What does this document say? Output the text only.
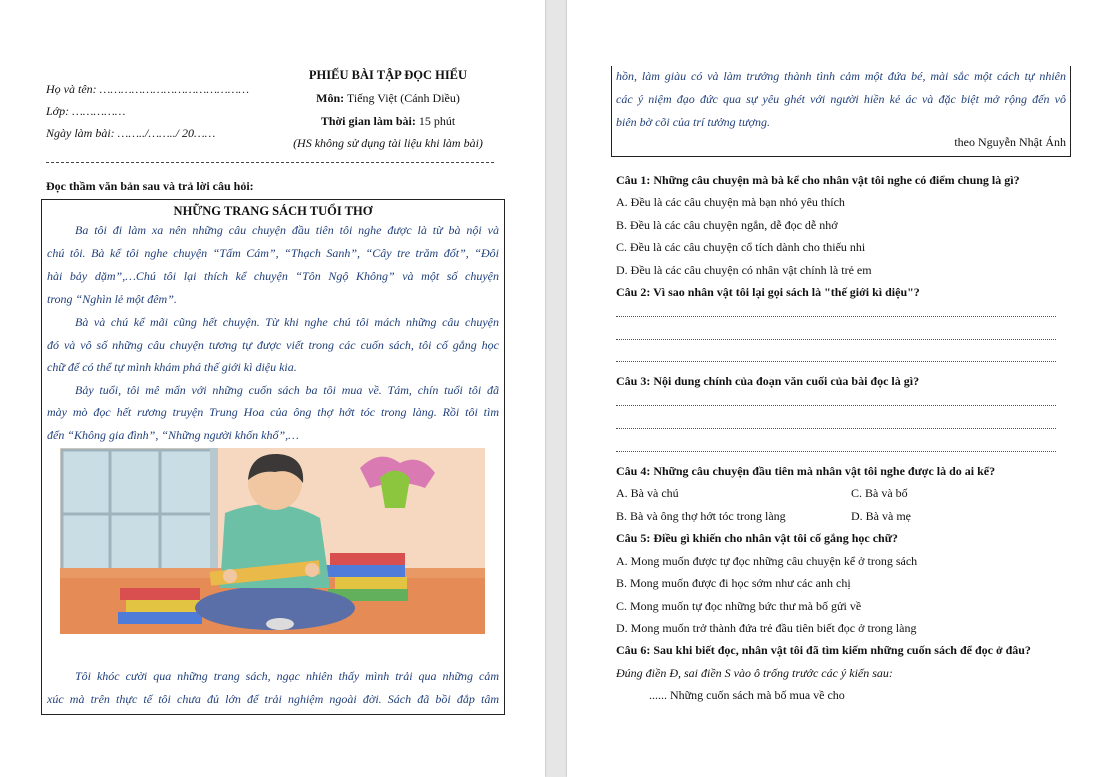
Họ và tên: ……………………………………
Lớp: ……………
Ngày làm bài: ……../……../ 20……
PHIẾU BÀI TẬP ĐỌC HIỂU
Môn: Tiếng Việt (Cánh Diều)
Thời gian làm bài: 15 phút
(HS không sử dụng tài liệu khi làm bài)
Đọc thầm văn bản sau và trả lời câu hỏi:
NHỮNG TRANG SÁCH TUỔI THƠ
Ba tôi đi làm xa nên những câu chuyện đầu tiên tôi nghe được là từ bà nội và
chú tôi. Bà kể tôi nghe chuyện “Tấm Cám”, “Thạch Sanh”, “Cây tre trăm đốt”, “Đôi
hài bảy dặm”,…Chú tôi lại thích kể chuyện “Tôn Ngộ Không” và một số chuyện
trong “Nghìn lẻ một đêm”.
Bà và chú kể mãi cũng hết chuyện. Từ khi nghe chú tôi mách những câu chuyện
đó và vô số những câu chuyện tương tự được viết trong các cuốn sách, tôi cố gắng học
chữ để có thể tự mình khám phá thế giới kì diệu kia.
Bảy tuổi, tôi mê mẩn với những cuốn sách ba tôi mua về. Tám, chín tuổi tôi đã
mày mò đọc hết rương truyện Trung Hoa của ông thợ hớt tóc trong làng. Rồi tôi tìm
đến “Không gia đình”, “Những người khốn khổ”,…
Tôi khóc cười qua những trang sách, ngạc nhiên thấy mình trải qua những cảm
xúc mà trên thực tế tôi chưa đủ lớn để trải nghiệm ngoài đời. Sách đã bồi đắp tâm
hồn, làm giàu có và làm trưởng thành tình cảm một đứa bé, mài sắc một cách tự nhiên
các ý niệm đạo đức qua sự yêu ghét với người hiền kẻ ác và đặc biệt mở rộng đến vô
biên bờ cõi của trí tưởng tượng.
theo Nguyễn Nhật Ánh
Câu 1: Những câu chuyện mà bà kể cho nhân vật tôi nghe có điểm chung là gì?
A. Đều là các câu chuyện mà bạn nhỏ yêu thích
B. Đều là các câu chuyện ngắn, dễ đọc dễ nhớ
C. Đều là các câu chuyện cổ tích dành cho thiếu nhi
D. Đều là các câu chuyện có nhân vật chính là trẻ em
Câu 2: Vì sao nhân vật tôi lại gọi sách là "thế giới kì diệu"?
Câu 3: Nội dung chính của đoạn văn cuối của bài đọc là gì?
Câu 4: Những câu chuyện đầu tiên mà nhân vật tôi nghe được là do ai kể?
A. Bà và chú	C. Bà và bố
B. Bà và ông thợ hớt tóc trong làng	D. Bà và mẹ
Câu 5: Điều gì khiến cho nhân vật tôi cố gắng học chữ?
A. Mong muốn được tự đọc những câu chuyện kể ở trong sách
B. Mong muốn được đi học sớm như các anh chị
C. Mong muốn tự đọc những bức thư mà bố gửi về
D. Mong muốn trở thành đứa trẻ đầu tiên biết đọc ở trong làng
Câu 6: Sau khi biết đọc, nhân vật tôi đã tìm kiếm những cuốn sách để đọc ở đâu?
Đúng điền Đ, sai điền S vào ô trống trước các ý kiến sau:
...... Những cuốn sách mà bố mua về cho
